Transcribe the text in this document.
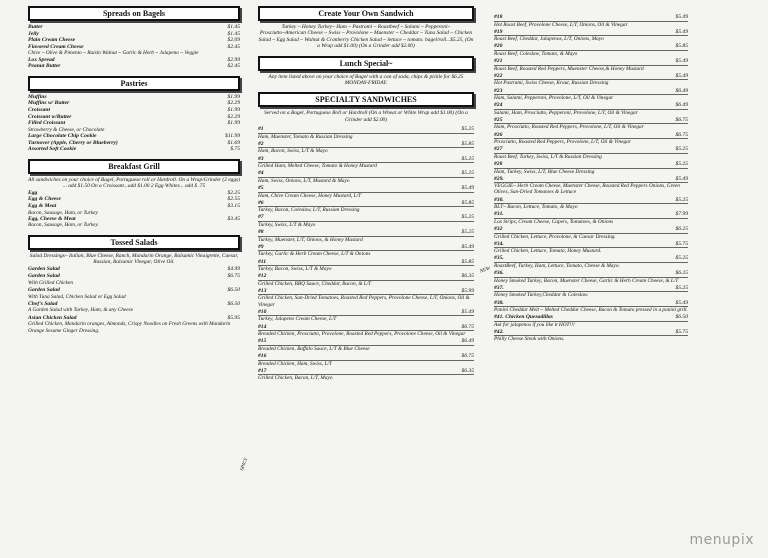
Spreads on Bagels
Butter	$1.45
Jelly	$1.45
Plain Cream Cheese	$2.09
Flavored Cream Cheese	$2.45
Chive ~ Olive & Pimento ~ Raisin Walnut ~ Garlic & Herb ~ Jalapeno ~ Veggie
Lox Spread	$2.99
Peanut Butter	$2.45
Pastries
Muffins	$1.99
Muffins w/ Butter	$2.29
Croissant	$1.99
Croissant w/Butter	$2.29
Filled Croissant	$1.99
Strawberry & Cheese, or Chocolate
Large Chocolate Chip Cookie	$11.99
Turnover (Apple, Cherry or Blueberry)	$1.69
Assorted Soft Cookie	$.75
Breakfast Grill
All sandwiches on your choice of Bagel, Portuguese roll or Hardroll. On a Wrap/Grinder (2 eggs) ... add $1.50 On a Croissant...add $1.00 2 Egg Whites... add $ .75
Egg	$2.25
Egg & Cheese	$2.55
Egg & Meat	$3.15
Bacon, Sausage, Ham, or Turkey
Egg, Cheese & Meat	$3.45
Bacon, Sausage, Ham, or Turkey.
Tossed Salads
Salad Dressings~ Italian, Blue Cheese, Ranch, Mandarin Orange, Balsamic Vinaigrette, Caesar, Russian, Balsamic Vinegar, Olive Oil.
Garden Salad	$4.99
Garden Salad	$6.75
With Grilled Chicken
Garden Salad	$6.50
With Tuna Salad, Chicken Salad or Egg Salad
Chef's Salad	$6.50
A Garden Salad with Turkey, Ham, & any Cheese
Asian Chicken Salad	$5.95
Grilled Chicken, Mandarin oranges, Almonds, Crispy Noodles on Fresh Greens with Mandarin Orange Sesame Ginger Dressing.
Create Your Own Sandwich
Turkey ~ Honey Turkey~ Ham ~ Pastrami ~ Roastbeef ~ Salami ~ Pepperoni~ Prosciutto~American Cheese ~ Swiss ~ Provolone ~ Muenster ~ Cheddar ~ Tuna Salad ~ Chicken Salad ~ Egg Salad ~ Walnut & Cranberry Chicken Salad ~ lettuce ~ tomato. bagel/roll...$5.25, (On a Wrap add $1.00) (On a Grinder add $2.00)
Lunch Special~
Any item listed above on your choice of Bagel with a can of soda, chips & pickle for $6.25 MONDAY-FRIDAY.
SPECIALTY SANDWICHES
Served on a Bagel, Portuguese Roll or Hardroll (On a Wheat or White Wrap add $1.00) (On a Grinder add $2.00)
#1	$5.25
Ham, Muenster, Tomato & Russian Dressing
#2	$5.85
Ham, Bacon, Swiss, L/T & Mayo
#3	$5.25
Grilled Ham, Melted Cheese, Tomato & Honey Mustard
#4	$5.25
Ham, Swiss, Onions, L/T, Mustard & Mayo
#5	$5.49
Ham, Chive Cream Cheese, Honey Mustard, L/T
#6	$5.85
Turkey, Bacon, Coleslaw, L/T, Russian Dressing
#7	$5.25
Turkey, Swiss, L/T & Mayo
#8	$5.25
Turkey, Muenster, L/T, Onions, & Honey Mustard
#9	$5.49
Turkey, Garlic & Herb Cream Cheese, L/T & Onions
#11	$5.85
Turkey, Bacon, Swiss, L/T & Mayo
#12	$6.35
Grilled Chicken, BBQ Sauce, Cheddar, Bacon, & L/T
#13	$5.99
Grilled Chicken, Sun-Dried Tomatoes, Roasted Red Peppers, Provolone Cheese, L/T, Onions, Oil & Vinegar
#10	$5.49
Turkey, Jalapeno Cream Cheese, L/T
#14	$6.75
Breaded Chicken, Prosciutto, Provolone, Roasted Red Peppers, Provolone Cheese, Oil & Vinegar
#15	$6.49
Breaded Chicken, Buffalo Sauce, L/T & Blue Cheese
#16	$6.75
Breaded Chicken, Ham, Swiss, L/T
#17	$6.35
Grilled Chicken, Bacon, L/T, Mayo
SPICY
#18	$5.49
Hot Roast Beef, Provolone Cheese, L/T, Onions, Oil & Vinegar
#19	$5.49
Roast Beef, Cheddar, Jalapenos, L/T, Onions, Mayo
#20	$5.85
Roast Beef, Coleslaw, Tomato, & Mayo
#21	$5.49
Roast Beef, Roasted Red Peppers, Muenster Cheese,& Honey Mustard
#22	$5.49
Hot Pastrami, Swiss Cheese, Kraut, Russian Dressing
#23	$6.49
Ham, Salami, Pepperoni, Provolone, L/T, Oil & Vinegar
#24	$6.49
Salami, Ham, Prosciutto, Pepperoni, Provolone, L/T, Oil & Vinegar
#25	$6.75
Ham, Prosciutto, Roasted Red Peppers, Provolone, L/T, Oil & Vinegar
#26	$6.75
Prosciutto, Roasted Red Peppers, Provolone, L/T, Oil & Vinegar
#27	$5.25
Roast Beef, Turkey, Swiss, L/T & Russian Dressing
#28	$5.25
Ham, Turkey, Swiss, L/T, Blue Cheese Dressing
#29.	$5.49
VEGGIE~ Herb Cream Cheese, Muenster Cheese, Roasted Red Peppers Onions, Green Olives, Sun-Dried Tomatoes & Lettuce
#30.	$5.25
BLT~ Bacon, Lettuce, Tomato, & Mayo
#31.	$7.99
Lox Strips, Cream Cheese, Capers, Tomatoes, & Onions
#32	$6.25
Grilled Chicken, Lettuce, Provolone, & Caesar Dressing.
#34.	$5.75
Grilled Chicken, Lettuce, Tomato, Honey Mustard.
#35.	$5.25
RoastBeef, Turkey, Ham, Lettuce, Tomato, Cheese & Mayo.
#36.	$6.25
Honey Smoked Turkey, Bacon, Muenster Cheese, Garlic & Herb Cream Cheese, & L/T
#37.	$5.25
Honey Smoked Turkey,Cheddar & Coleslaw.
#38.	$5.49
Panini Cheddar Melt ~ Melted Cheddar Cheese, Bacon & Tomato pressed in a panini grill.
#41. Chicken Quesadillas	$6.50
Ask for jalapenos if you like it HOT!!!
#42.	$5.75
Philly Cheese Steak with Onions.
NEW
menupix
